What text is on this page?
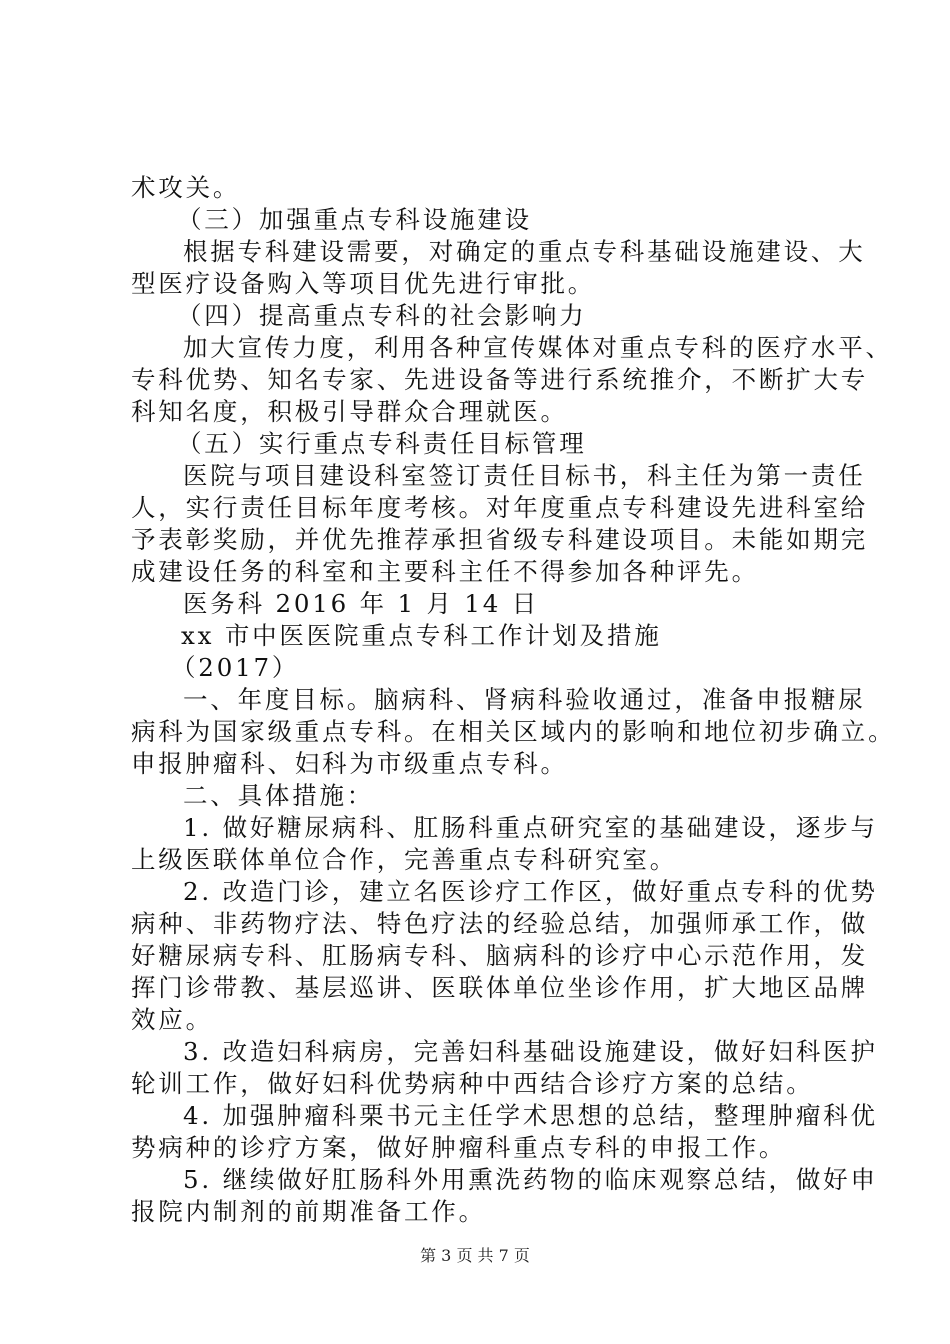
术攻关。
（三）加强重点专科设施建设
根据专科建设需要，对确定的重点专科基础设施建设、大
型医疗设备购入等项目优先进行审批。
（四）提高重点专科的社会影响力
加大宣传力度，利用各种宣传媒体对重点专科的医疗水平、
专科优势、知名专家、先进设备等进行系统推介，不断扩大专
科知名度，积极引导群众合理就医。
（五）实行重点专科责任目标管理
医院与项目建设科室签订责任目标书，科主任为第一责任
人，实行责任目标年度考核。对年度重点专科建设先进科室给
予表彰奖励，并优先推荐承担省级专科建设项目。未能如期完
成建设任务的科室和主要科主任不得参加各种评先。
医务科 2016 年 1 月 14 日
xx 市中医医院重点专科工作计划及措施
（2017）
一、年度目标。脑病科、肾病科验收通过，准备申报糖尿
病科为国家级重点专科。在相关区域内的影响和地位初步确立。
申报肿瘤科、妇科为市级重点专科。
二、具体措施：
1. 做好糖尿病科、肛肠科重点研究室的基础建设，逐步与
上级医联体单位合作，完善重点专科研究室。
2. 改造门诊，建立名医诊疗工作区，做好重点专科的优势
病种、非药物疗法、特色疗法的经验总结，加强师承工作，做
好糖尿病专科、肛肠病专科、脑病科的诊疗中心示范作用，发
挥门诊带教、基层巡讲、医联体单位坐诊作用，扩大地区品牌
效应。
3. 改造妇科病房，完善妇科基础设施建设，做好妇科医护
轮训工作，做好妇科优势病种中西结合诊疗方案的总结。
4. 加强肿瘤科栗书元主任学术思想的总结，整理肿瘤科优
势病种的诊疗方案，做好肿瘤科重点专科的申报工作。
5. 继续做好肛肠科外用熏洗药物的临床观察总结，做好申
报院内制剂的前期准备工作。
第 3 页 共 7 页
